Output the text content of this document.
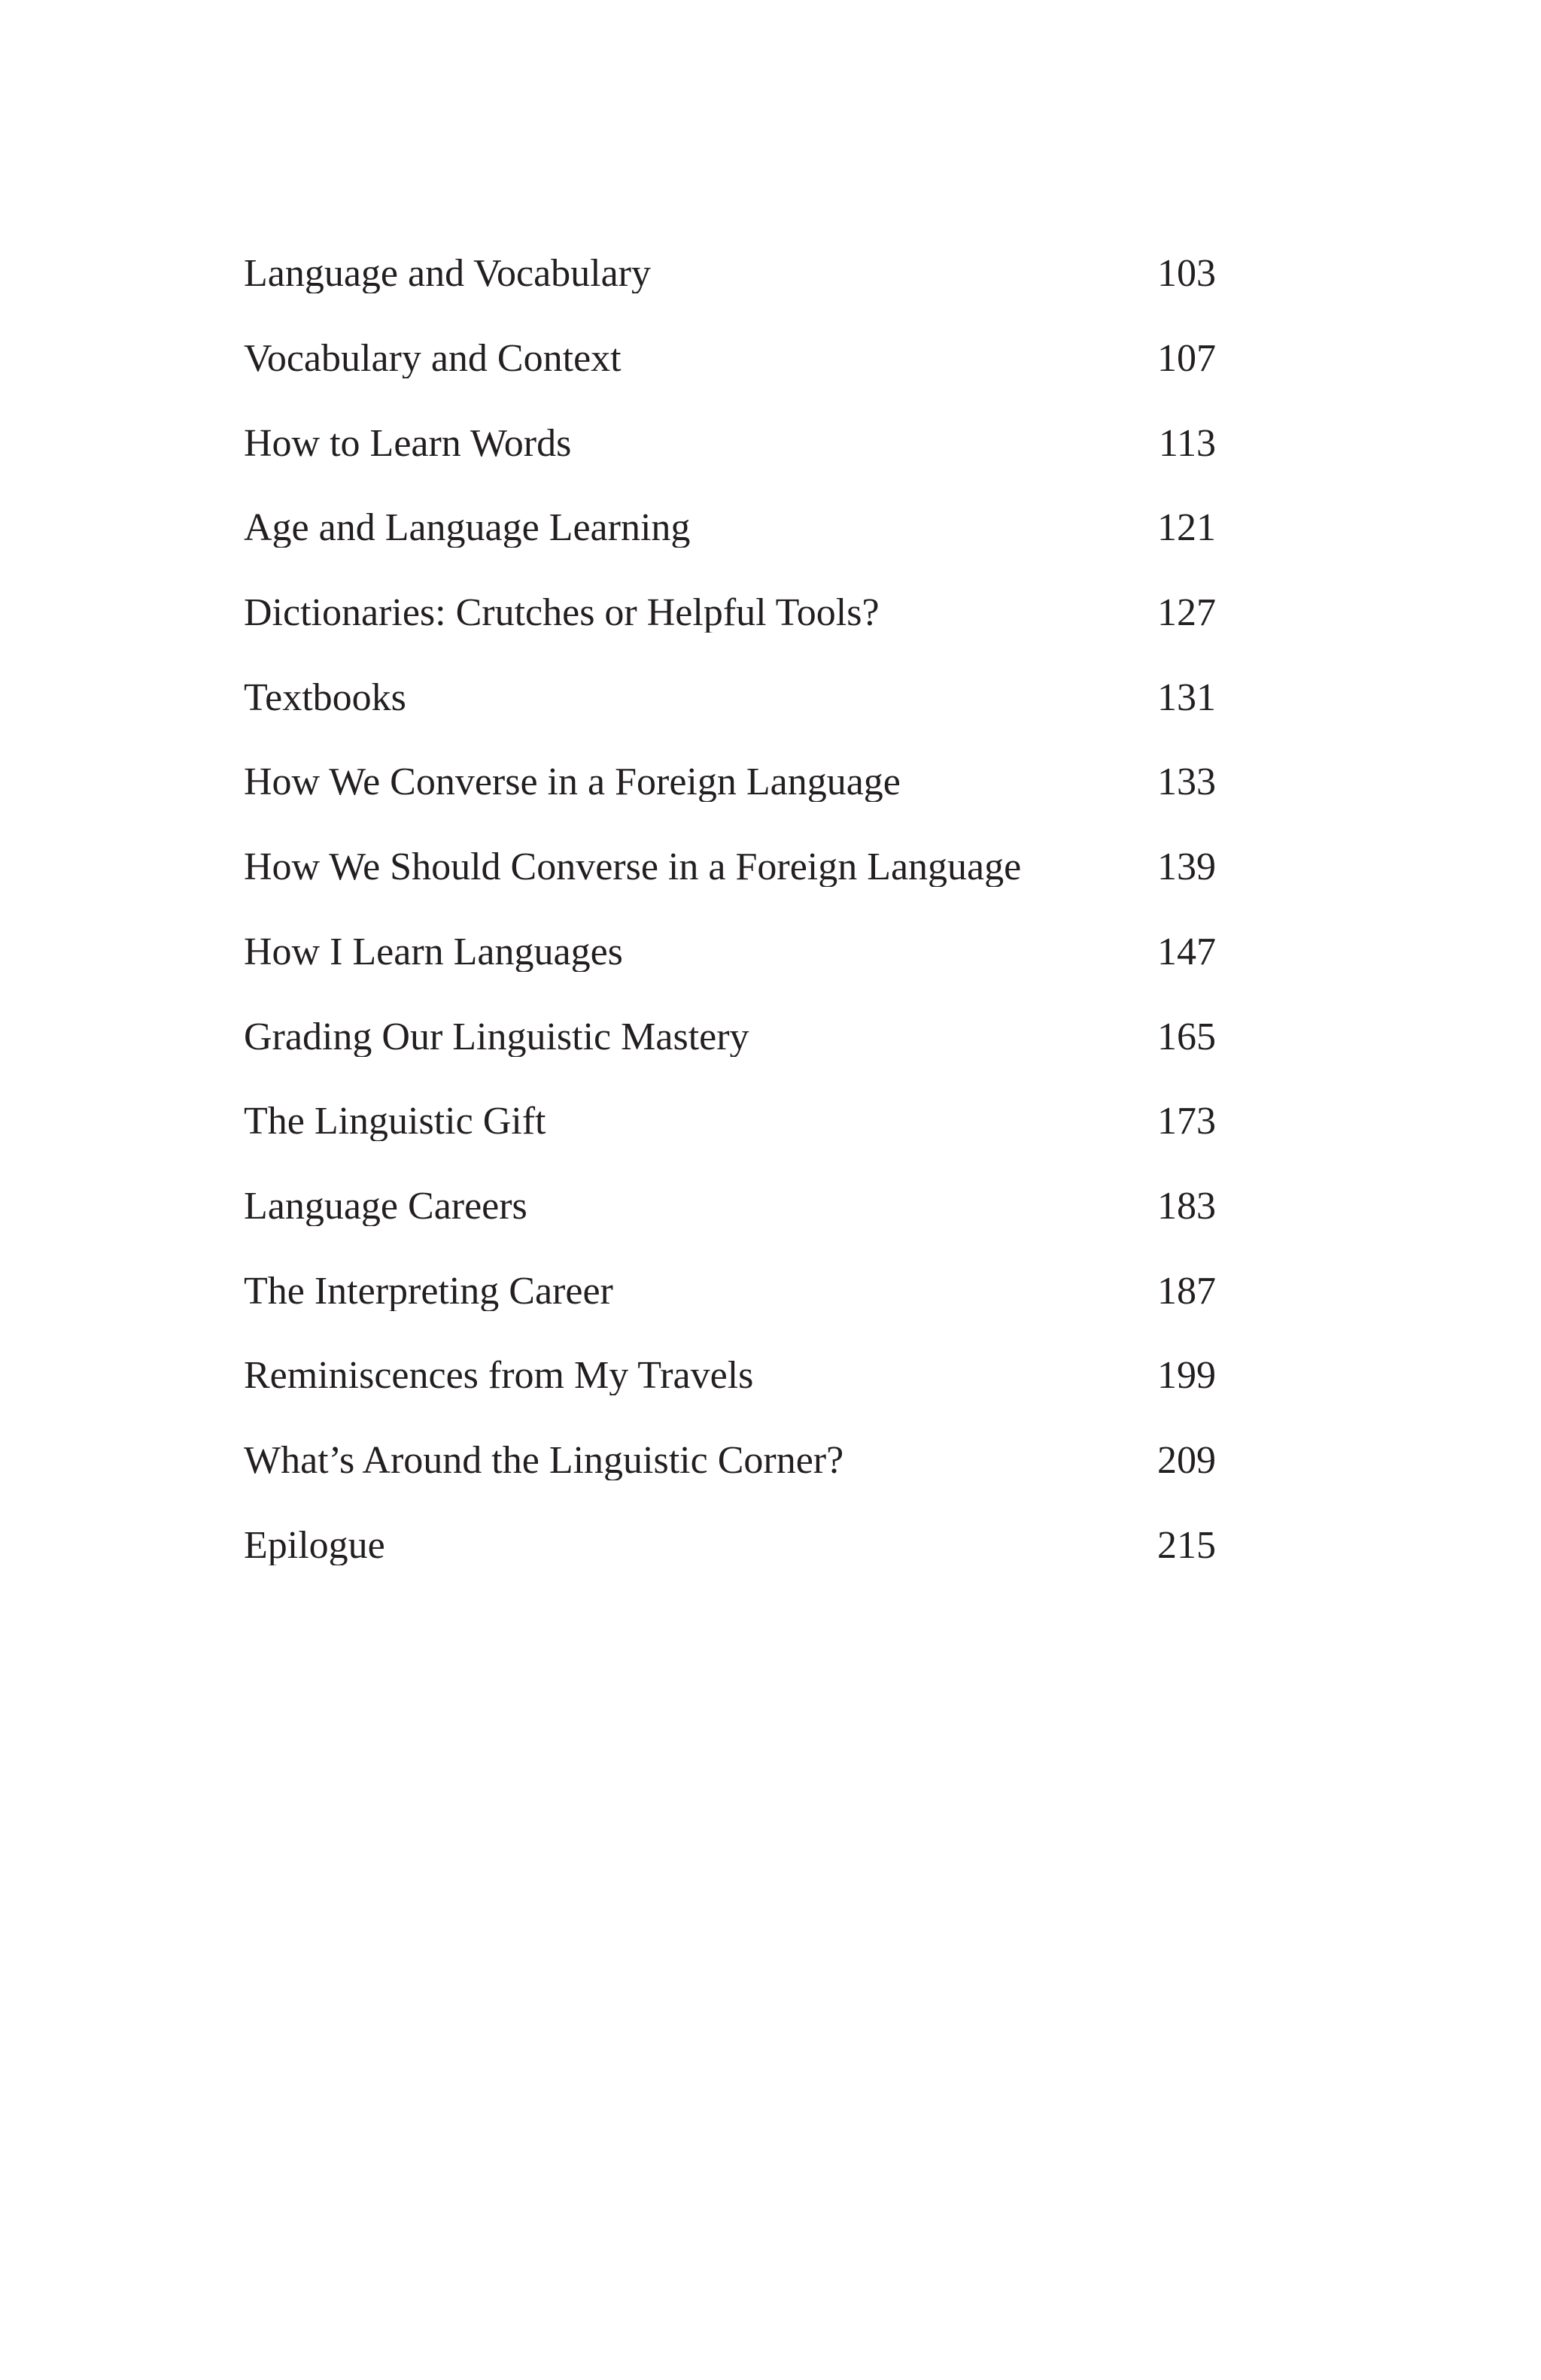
Language and Vocabulary	103
Vocabulary and Context	107
How to Learn Words	113
Age and Language Learning	121
Dictionaries: Crutches or Helpful Tools?	127
Textbooks	131
How We Converse in a Foreign Language	133
How We Should Converse in a Foreign Language	139
How I Learn Languages	147
Grading Our Linguistic Mastery	165
The Linguistic Gift	173
Language Careers	183
The Interpreting Career	187
Reminiscences from My Travels	199
What’s Around the Linguistic Corner?	209
Epilogue	215
